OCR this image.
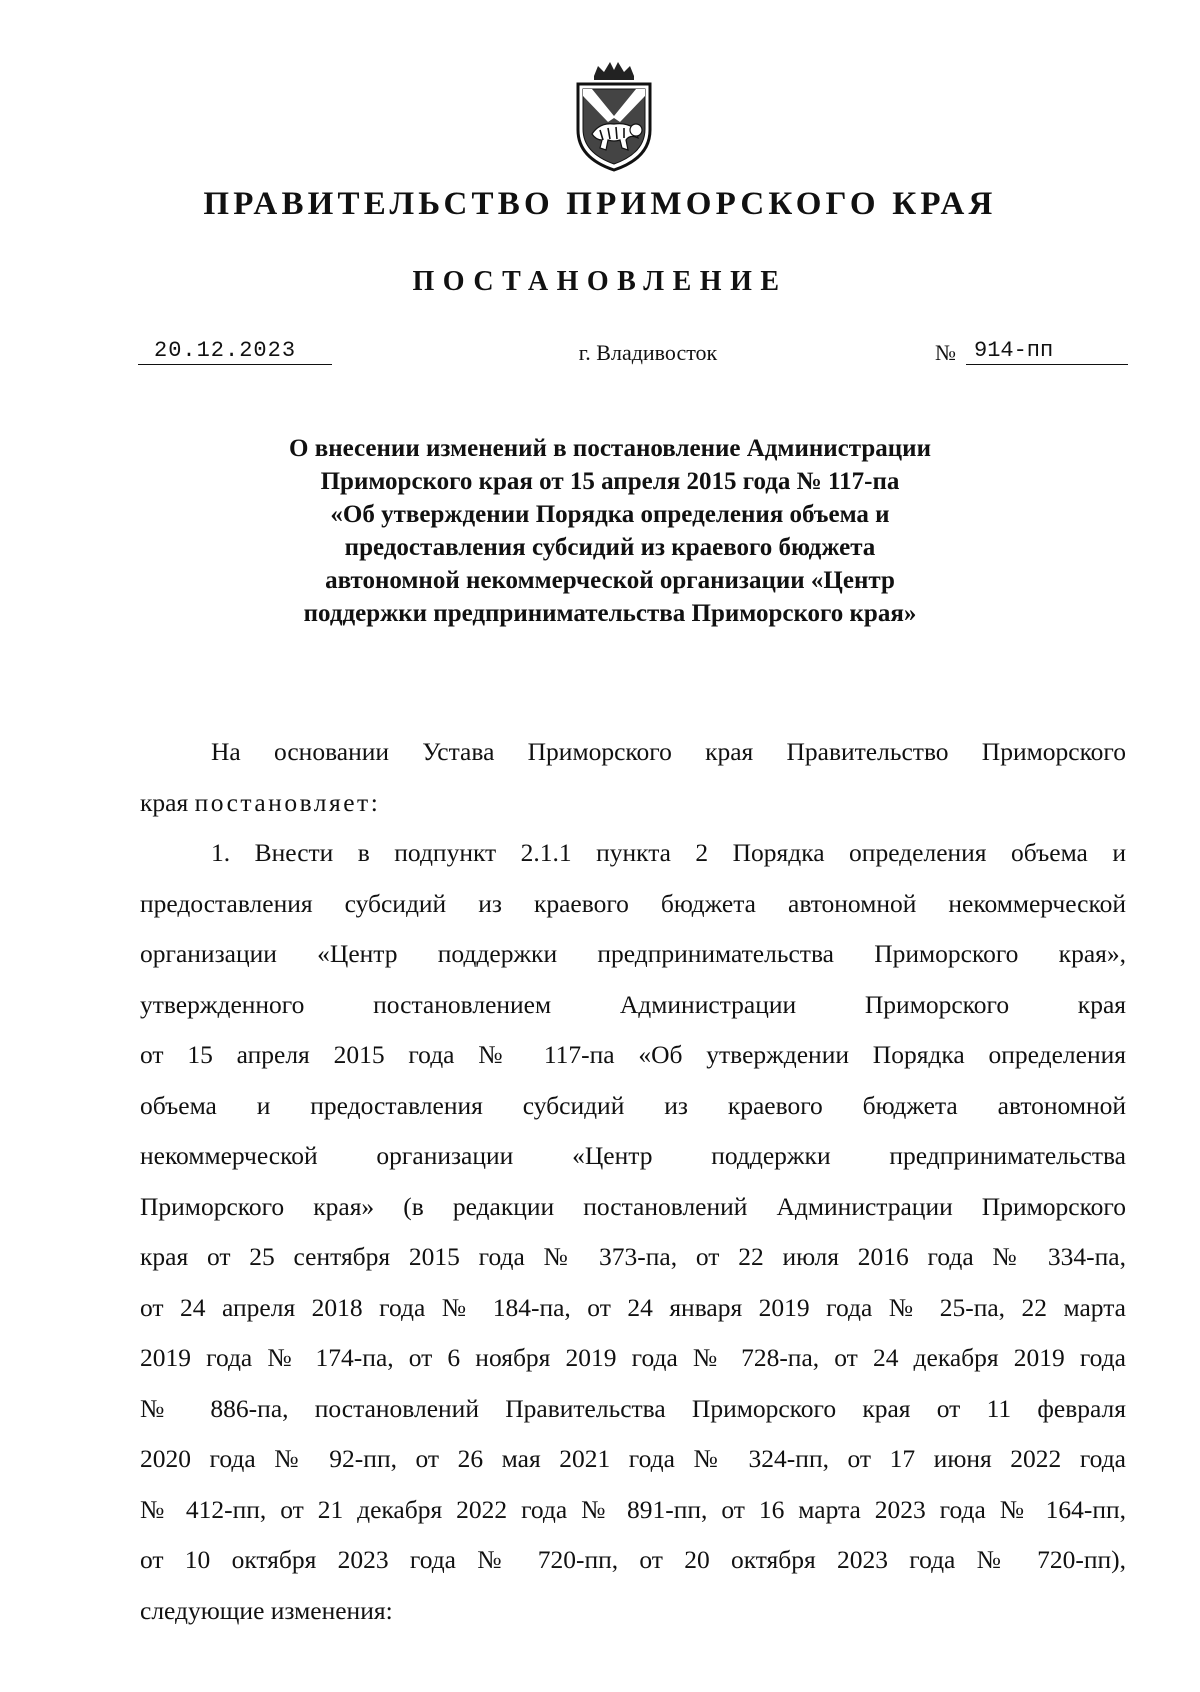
ПРАВИТЕЛЬСТВО ПРИМОРСКОГО КРАЯ
ПОСТАНОВЛЕНИЕ
20.12.2023	г. Владивосток	№ 914-пп
О внесении изменений в постановление Администрации
Приморского края от 15 апреля 2015 года № 117-па
«Об утверждении Порядка определения объема и
предоставления субсидий из краевого бюджета
автономной некоммерческой организации «Центр
поддержки предпринимательства Приморского края»
На основании Устава Приморского края Правительство Приморского
края постановляет:
1. Внести в подпункт 2.1.1 пункта 2 Порядка определения объема и
предоставления субсидий из краевого бюджета автономной некоммерческой
организации «Центр поддержки предпринимательства Приморского края»,
утвержденного постановлением Администрации Приморского края
от 15 апреля 2015 года № 117-па «Об утверждении Порядка определения
объема и предоставления субсидий из краевого бюджета автономной
некоммерческой организации «Центр поддержки предпринимательства
Приморского края» (в редакции постановлений Администрации Приморского
края от 25 сентября 2015 года № 373-па, от 22 июля 2016 года № 334-па,
от 24 апреля 2018 года № 184-па, от 24 января 2019 года № 25-па, 22 марта
2019 года № 174-па, от 6 ноября 2019 года № 728-па, от 24 декабря 2019 года
№ 886-па, постановлений Правительства Приморского края от 11 февраля
2020 года № 92-пп, от 26 мая 2021 года № 324-пп, от 17 июня 2022 года
№ 412-пп, от 21 декабря 2022 года № 891-пп, от 16 марта 2023 года № 164-пп,
от 10 октября 2023 года № 720-пп, от 20 октября 2023 года № 720-пп),
следующие изменения:
